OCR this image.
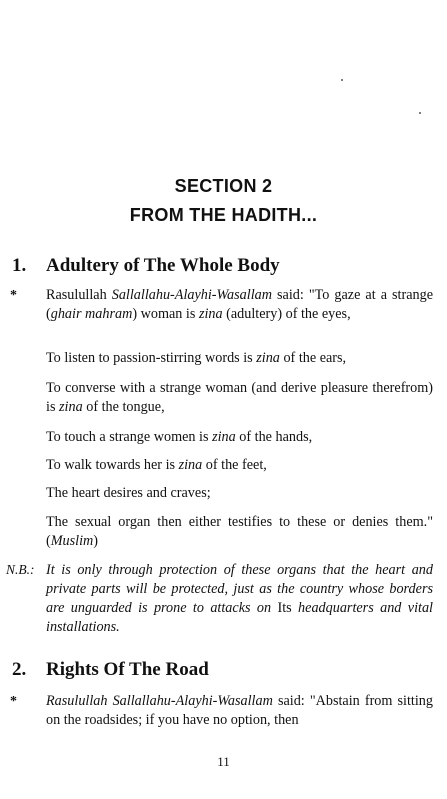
SECTION 2
FROM THE HADITH...
1. Adultery of The Whole Body
* Rasulullah Sallallahu-Alayhi-Wasallam said: "To gaze at a strange (ghair mahram) woman is zina (adultery) of the eyes,
To listen to passion-stirring words is zina of the ears,
To converse with a strange woman (and derive pleasure therefrom) is zina of the tongue,
To touch a strange women is zina of the hands,
To walk towards her is zina of the feet,
The heart desires and craves;
The sexual organ then either testifies to these or denies them." (Muslim)
N.B.: It is only through protection of these organs that the heart and private parts will be protected, just as the country whose borders are unguarded is prone to attacks on Its headquarters and vital installations.
2. Rights Of The Road
* Rasulullah Sallallahu-Alayhi-Wasallam said: "Abstain from sitting on the roadsides; if you have no option, then
11
